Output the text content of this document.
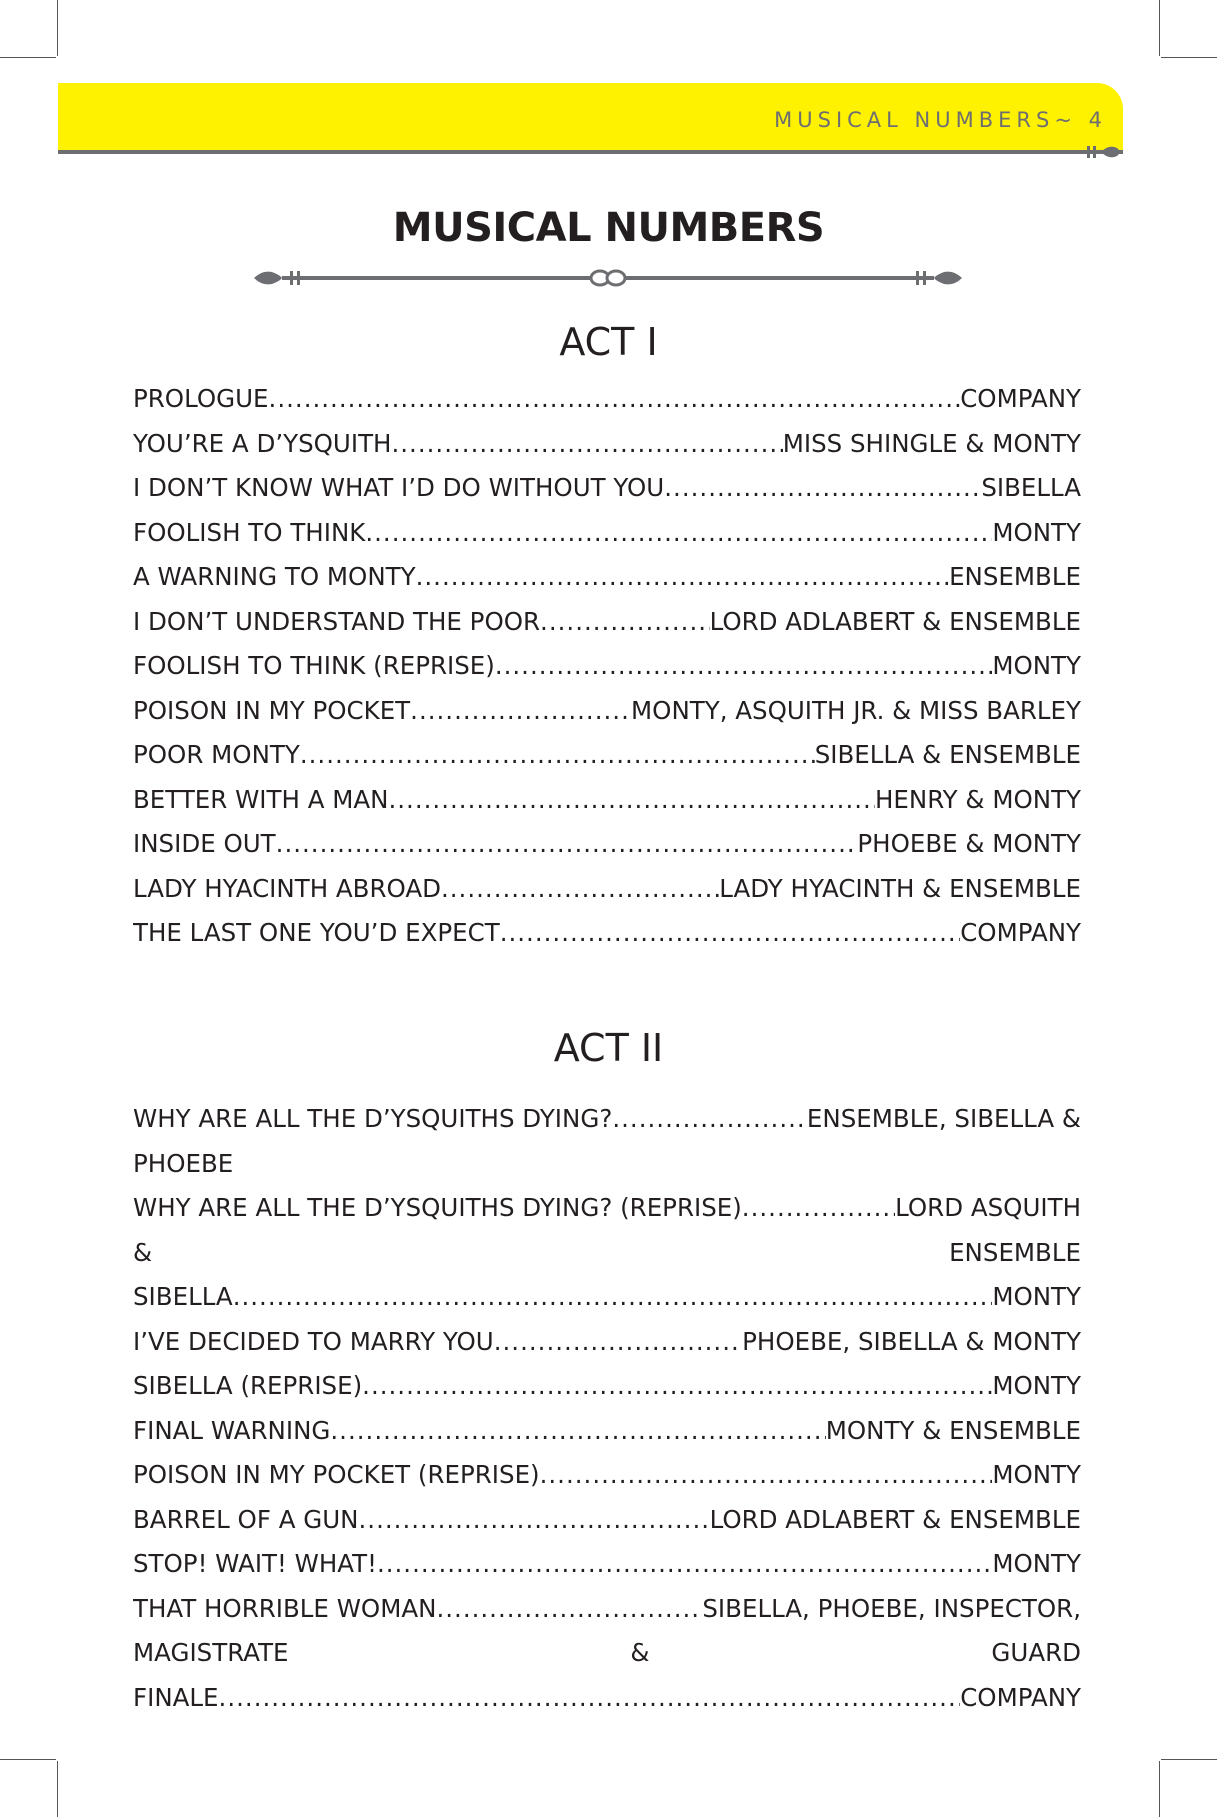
MUSICAL NUMBERS~ 4
MUSICAL NUMBERS
ACT I
PROLOGUE .....	COMPANY
YOU’RE A D’YSQUITH .....	MISS SHINGLE & MONTY
I DON’T KNOW WHAT I’D DO WITHOUT YOU .....	SIBELLA
FOOLISH TO THINK .....	MONTY
A WARNING TO MONTY .....	ENSEMBLE
I DON’T UNDERSTAND THE POOR .....	LORD ADLABERT & ENSEMBLE
FOOLISH TO THINK (REPRISE) .....	MONTY
POISON IN MY POCKET .....	MONTY, ASQUITH JR. & MISS BARLEY
POOR MONTY .....	SIBELLA & ENSEMBLE
BETTER WITH A MAN .....	HENRY & MONTY
INSIDE OUT .....	PHOEBE & MONTY
LADY HYACINTH ABROAD .....	LADY HYACINTH & ENSEMBLE
THE LAST ONE YOU’D EXPECT .....	COMPANY
ACT II
WHY ARE ALL THE D’YSQUITHS DYING? .....	ENSEMBLE, SIBELLA &
PHOEBE
WHY ARE ALL THE D’YSQUITHS DYING? (REPRISE) .....	LORD ASQUITH
& ENSEMBLE
SIBELLA .....	MONTY
I’VE DECIDED TO MARRY YOU .....	PHOEBE, SIBELLA & MONTY
SIBELLA (REPRISE) .....	MONTY
FINAL WARNING .....	MONTY & ENSEMBLE
POISON IN MY POCKET (REPRISE) .....	MONTY
BARREL OF A GUN .....	LORD ADLABERT & ENSEMBLE
STOP! WAIT! WHAT! .....	MONTY
THAT HORRIBLE WOMAN .....	SIBELLA, PHOEBE, INSPECTOR,
MAGISTRATE & GUARD
FINALE .....	COMPANY
